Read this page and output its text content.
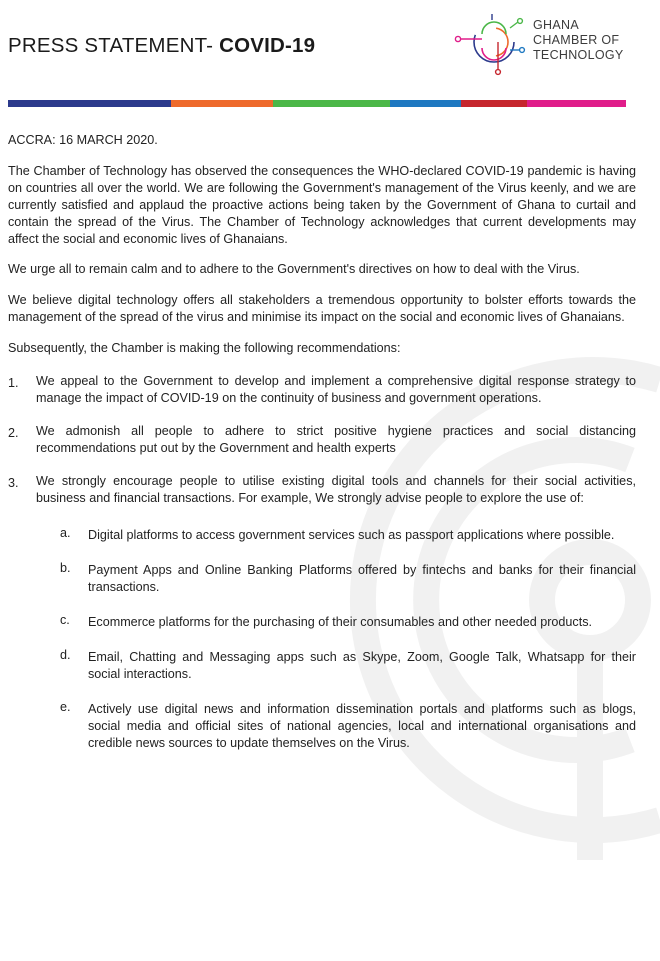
PRESS STATEMENT- COVID-19
GHANA
CHAMBER OF
TECHNOLOGY

ACCRA: 16 MARCH 2020.

The Chamber of Technology has observed the consequences the WHO-declared COVID-19 pandemic is having on countries all over the world. We are following the Government's management of the Virus keenly, and we are currently satisfied and applaud the proactive actions being taken by the Government of Ghana to curtail and contain the spread of the Virus. The Chamber of Technology acknowledges that current developments may affect the social and economic lives of Ghanaians.

We urge all to remain calm and to adhere to the Government's directives on how to deal with the Virus.

We believe digital technology offers all stakeholders a tremendous opportunity to bolster efforts towards the management of the spread of the virus and minimise its impact on the social and economic lives of Ghanaians.

Subsequently, the Chamber is making the following recommendations:

1. We appeal to the Government to develop and implement a comprehensive digital response strategy to manage the impact of COVID-19 on the continuity of business and government operations.
2. We admonish all people to adhere to strict positive hygiene practices and social distancing recommendations put out by the Government and health experts
3. We strongly encourage people to utilise existing digital tools and channels for their social activities, business and financial transactions. For example, We strongly advise people to explore the use of:
a. Digital platforms to access government services such as passport applications where possible.
b. Payment Apps and Online Banking Platforms offered by fintechs and banks for their financial transactions.
c. Ecommerce platforms for the purchasing of their consumables and other needed products.
d. Email, Chatting and Messaging apps such as Skype, Zoom, Google Talk, Whatsapp for their social interactions.
e. Actively use digital news and information dissemination portals and platforms such as blogs, social media and official sites of national agencies, local and international organisations and credible news sources to update themselves on the Virus.
